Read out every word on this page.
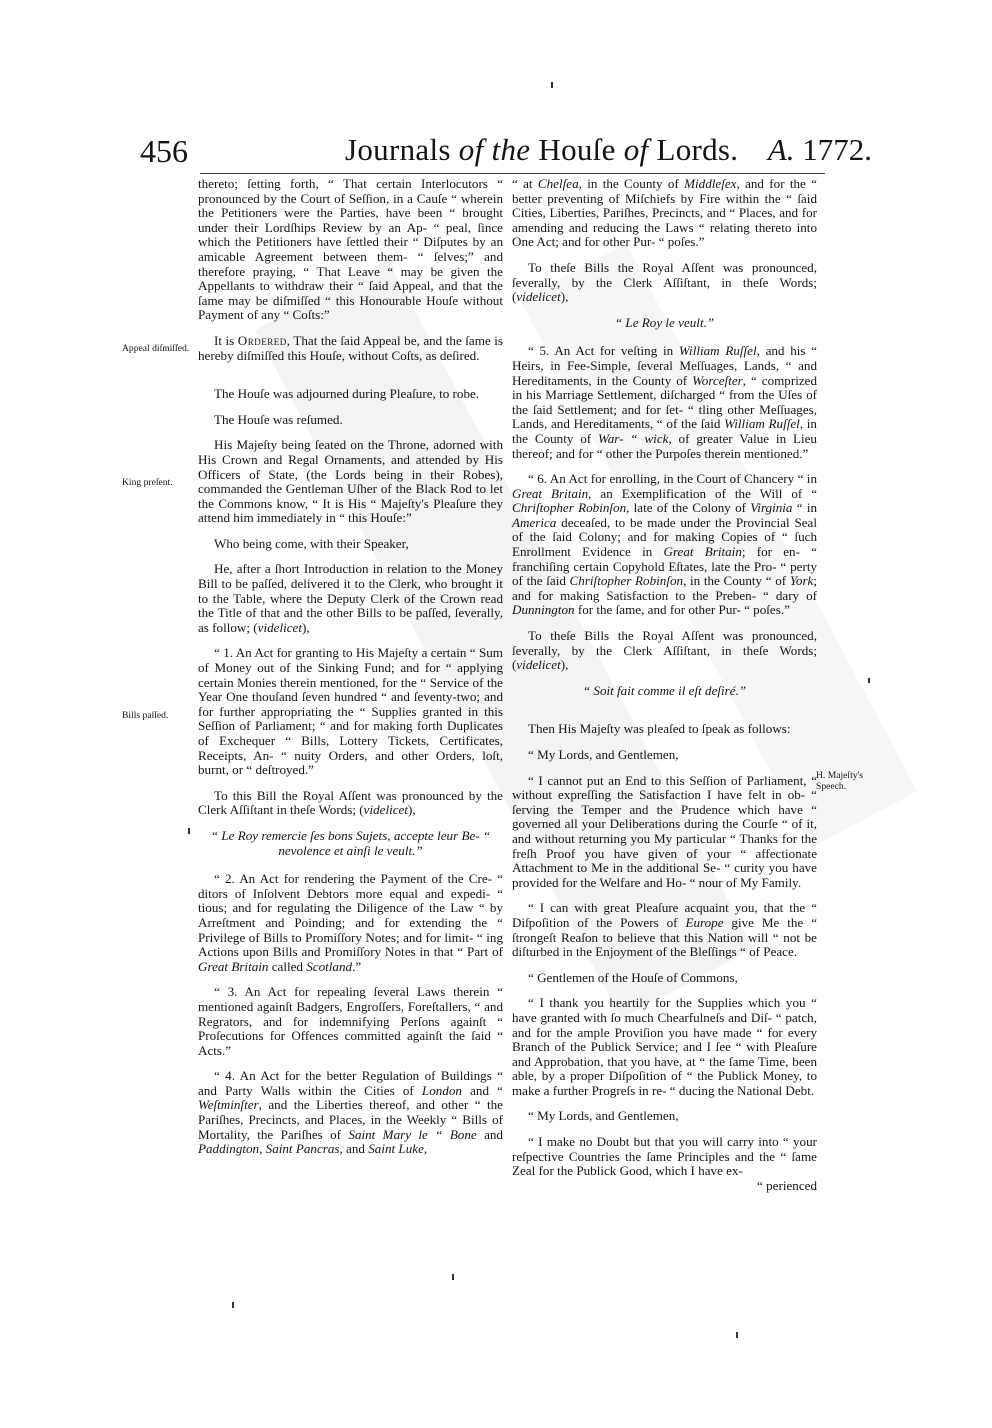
456	Journals of the Houſe of Lords. A. 1772.
Appeal diſmiſſed.
King preſent.
Bills paſſed.
H. Majeſty's Speech.

thereto; ſetting forth, “ That certain Interlocutors “ pronounced by the Court of Seſſion, in a Cauſe “ wherein the Petitioners were the Parties, have been “ brought under their Lordſhips Review by an Ap- “ peal, ſince which the Petitioners have ſettled their “ Diſputes by an amicable Agreement between them- “ ſelves;” and therefore praying, “ That Leave “ may be given the Appellants to withdraw their “ ſaid Appeal, and that the ſame may be diſmiſſed “ this Honourable Houſe without Payment of any “ Coſts:”

It is Ordered, That the ſaid Appeal be, and the ſame is hereby diſmiſſed this Houſe, without Coſts, as deſired.

The Houſe was adjourned during Pleaſure, to robe.

The Houſe was reſumed.

His Majeſty being ſeated on the Throne, adorned with His Crown and Regal Ornaments, and attended by His Officers of State, (the Lords being in their Robes), commanded the Gentleman Uſher of the Black Rod to let the Commons know, “ It is His “ Majeſty's Pleaſure they attend him immediately in “ this Houſe:”

Who being come, with their Speaker,

He, after a ſhort Introduction in relation to the Money Bill to be paſſed, delivered it to the Clerk, who brought it to the Table, where the Deputy Clerk of the Crown read the Title of that and the other Bills to be paſſed, ſeverally, as follow; (videlicet),

“ 1. An Act for granting to His Majeſty a certain “ Sum of Money out of the Sinking Fund; and for “ applying certain Monies therein mentioned, for the “ Service of the Year One thouſand ſeven hundred “ and ſeventy-two; and for further appropriating the “ Supplies granted in this Seſſion of Parliament; “ and for making forth Duplicates of Exchequer “ Bills, Lottery Tickets, Certificates, Receipts, An- “ nuity Orders, and other Orders, loſt, burnt, or “ deſtroyed.”

To this Bill the Royal Aſſent was pronounced by the Clerk Aſſiſtant in theſe Words; (videlicet),

“ Le Roy remercie ſes bons Sujets, accepte leur Be- “ nevolence et ainſi le veult.”

“ 2. An Act for rendering the Payment of the Cre- “ ditors of Inſolvent Debtors more equal and expedi- “ tious; and for regulating the Diligence of the Law “ by Arreſtment and Poinding; and for extending the “ Privilege of Bills to Promiſſory Notes; and for limit- “ ing Actions upon Bills and Promiſſory Notes in that “ Part of Great Britain called Scotland.”

“ 3. An Act for repealing ſeveral Laws therein “ mentioned againſt Badgers, Engroſſers, Foreſtallers, “ and Regrators, and for indemnifying Perſons againſt “ Proſecutions for Offences committed againſt the ſaid “ Acts.”

“ 4. An Act for the better Regulation of Buildings “ and Party Walls within the Cities of London and “ Weſtminſter, and the Liberties thereof, and other “ the Pariſhes, Precincts, and Places, in the Weekly “ Bills of Mortality, the Pariſhes of Saint Mary le “ Bone and Paddington, Saint Pancras, and Saint Luke,

“ at Chelſea, in the County of Middleſex, and for the “ better preventing of Miſchiefs by Fire within the “ ſaid Cities, Liberties, Pariſhes, Precincts, and “ Places, and for amending and reducing the Laws “ relating thereto into One Act; and for other Pur- “ poſes.”

To theſe Bills the Royal Aſſent was pronounced, ſeverally, by the Clerk Aſſiſtant, in theſe Words; (videlicet),

“ Le Roy le veult.”

“ 5. An Act for veſting in William Ruſſel, and his “ Heirs, in Fee-Simple, ſeveral Meſſuages, Lands, “ and Hereditaments, in the County of Worceſter, “ comprized in his Marriage Settlement, diſcharged “ from the Uſes of the ſaid Settlement; and for ſet- “ tling other Meſſuages, Lands, and Hereditaments, “ of the ſaid William Ruſſel, in the County of War- “ wick, of greater Value in Lieu thereof; and for “ other the Purpoſes therein mentioned.”

“ 6. An Act for enrolling, in the Court of Chancery “ in Great Britain, an Exemplification of the Will of “ Chriſtopher Robinſon, late of the Colony of Virginia “ in America deceaſed, to be made under the Provincial Seal of the ſaid Colony; and for making Copies of “ ſuch Enrollment Evidence in Great Britain; for en- “ franchiſing certain Copyhold Eſtates, late the Pro- “ perty of the ſaid Chriſtopher Robinſon, in the County “ of York; and for making Satisfaction to the Preben- “ dary of Dunnington for the ſame, and for other Pur- “ poſes.”

To theſe Bills the Royal Aſſent was pronounced, ſeverally, by the Clerk Aſſiſtant, in theſe Words; (videlicet),

“ Soit fait comme il eſt deſiré.”

Then His Majeſty was pleaſed to ſpeak as follows:

“ My Lords, and Gentlemen,

“ I cannot put an End to this Seſſion of Parliament, “ without expreſſing the Satisfaction I have felt in ob- “ ſerving the Temper and the Prudence which have “ governed all your Deliberations during the Courſe “ of it, and without returning you My particular “ Thanks for the freſh Proof you have given of your “ affectionate Attachment to Me in the additional Se- “ curity you have provided for the Welfare and Ho- “ nour of My Family.

“ I can with great Pleaſure acquaint you, that the “ Diſpoſition of the Powers of Europe give Me the “ ſtrongeſt Reaſon to believe that this Nation will “ not be diſturbed in the Enjoyment of the Bleſſings “ of Peace.

“ Gentlemen of the Houſe of Commons,

“ I thank you heartily for the Supplies which you “ have granted with ſo much Chearfulneſs and Diſ- “ patch, and for the ample Proviſion you have made “ for every Branch of the Publick Service; and I ſee “ with Pleaſure and Approbation, that you have, at “ the ſame Time, been able, by a proper Diſpoſition of “ the Publick Money, to make a further Progreſs in re- “ ducing the National Debt.

“ My Lords, and Gentlemen,

“ I make no Doubt but that you will carry into “ your reſpective Countries the ſame Principles and the “ ſame Zeal for the Publick Good, which I have ex-

“ perienced
